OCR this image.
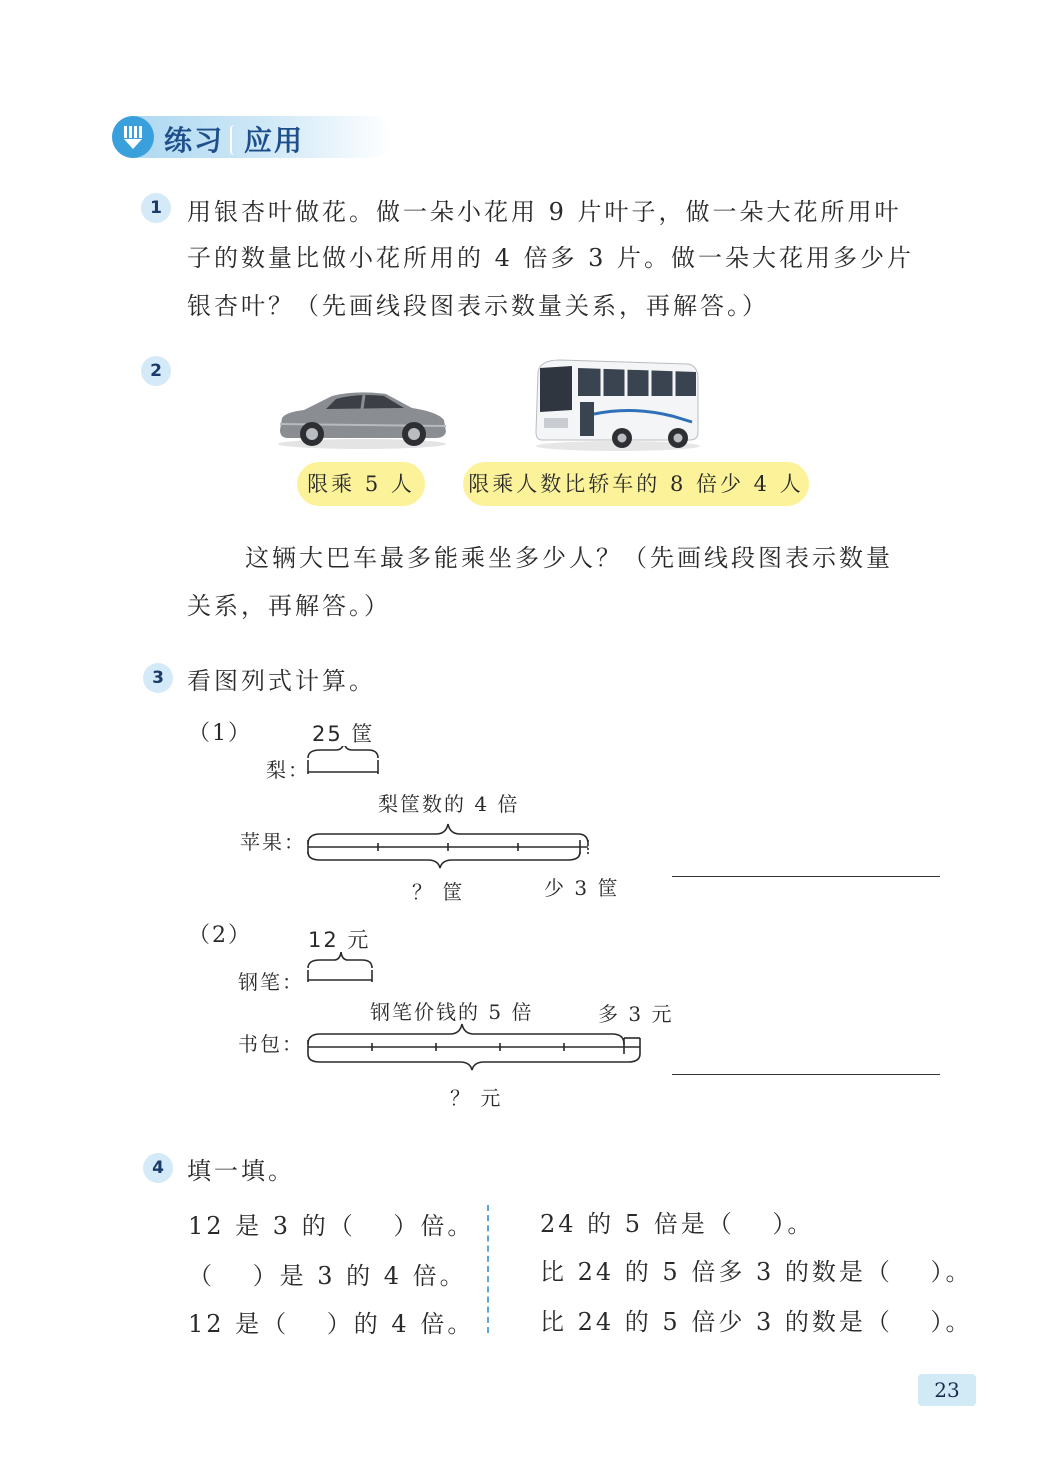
练习 应用
1	用银杏叶做花。做一朵小花用 9 片叶子，做一朵大花所用叶
子的数量比做小花所用的 4 倍多 3 片。做一朵大花用多少片
银杏叶？（先画线段图表示数量关系，再解答。）
2
限乘 5 人	限乘人数比轿车的 8 倍少 4 人
这辆大巴车最多能乘坐多少人？（先画线段图表示数量
关系，再解答。）
3 看图列式计算。
（1）	25 筐
梨：
梨筐数的 4 倍
苹果：
？ 筐	少 3 筐
（2）	12 元
钢笔：
钢笔价钱的 5 倍	多 3 元
书包：
？ 元
4 填一填。
12 是 3 的（　 ）倍。
（　 ）是 3 的 4 倍。
12 是（　 ）的 4 倍。
24 的 5 倍是（　 ）。
比 24 的 5 倍多 3 的数是（　 ）。
比 24 的 5 倍少 3 的数是（　 ）。
23
